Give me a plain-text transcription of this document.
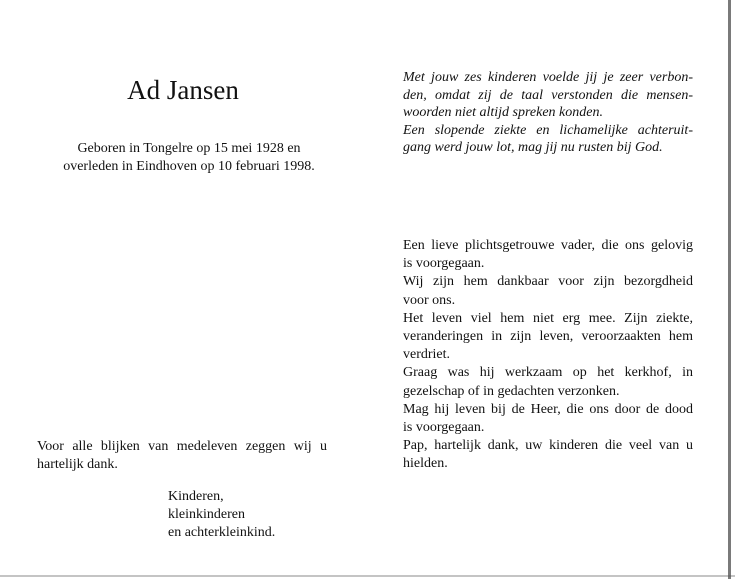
Ad Jansen
Geboren in Tongelre op 15 mei 1928 en
overleden in Eindhoven op 10 februari 1998.
Voor alle blijken van medeleven zeggen wij u
hartelijk dank.
Kinderen,
kleinkinderen
en achterkleinkind.
Met jouw zes kinderen voelde jij je zeer verbon-
den, omdat zij de taal verstonden die mensen-
woorden niet altijd spreken konden.
Een slopende ziekte en lichamelijke achteruit-
gang werd jouw lot, mag jij nu rusten bij God.
Een lieve plichtsgetrouwe vader, die ons gelovig
is voorgegaan.
Wij zijn hem dankbaar voor zijn bezorgdheid
voor ons.
Het leven viel hem niet erg mee. Zijn ziekte,
veranderingen in zijn leven, veroorzaakten hem
verdriet.
Graag was hij werkzaam op het kerkhof, in
gezelschap of in gedachten verzonken.
Mag hij leven bij de Heer, die ons door de dood
is voorgegaan.
Pap, hartelijk dank, uw kinderen die veel van u
hielden.
